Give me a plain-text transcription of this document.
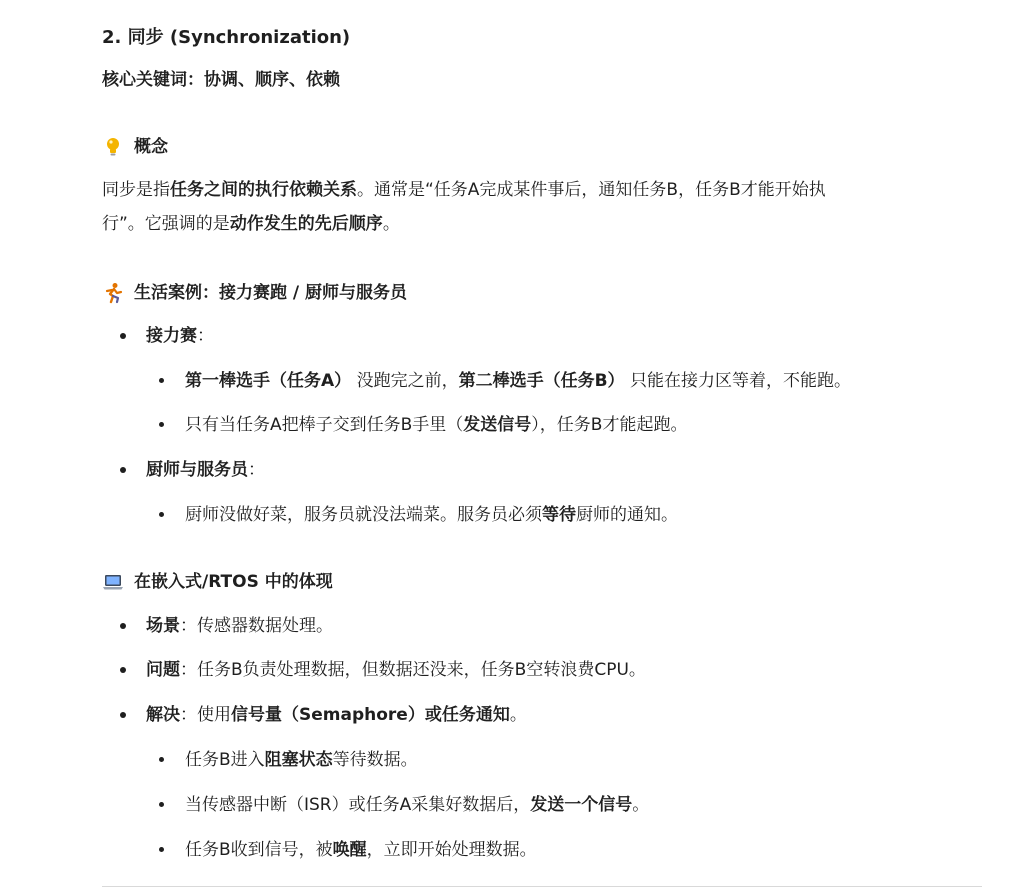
2. 同步 (Synchronization)
核心关键词：协调、顺序、依赖
概念
同步是指任务之间的执行依赖关系。通常是“任务A完成某件事后，通知任务B，任务B才能开始执
行”。它强调的是动作发生的先后顺序。
生活案例：接力赛跑 / 厨师与服务员
接力赛：
第一棒选手（任务A） 没跑完之前，第二棒选手（任务B） 只能在接力区等着，不能跑。
只有当任务A把棒子交到任务B手里（发送信号），任务B才能起跑。
厨师与服务员：
厨师没做好菜，服务员就没法端菜。服务员必须等待厨师的通知。
在嵌入式/RTOS 中的体现
场景：传感器数据处理。
问题：任务B负责处理数据，但数据还没来，任务B空转浪费CPU。
解决：使用信号量（Semaphore）或任务通知。
任务B进入阻塞状态等待数据。
当传感器中断（ISR）或任务A采集好数据后，发送一个信号。
任务B收到信号，被唤醒，立即开始处理数据。
